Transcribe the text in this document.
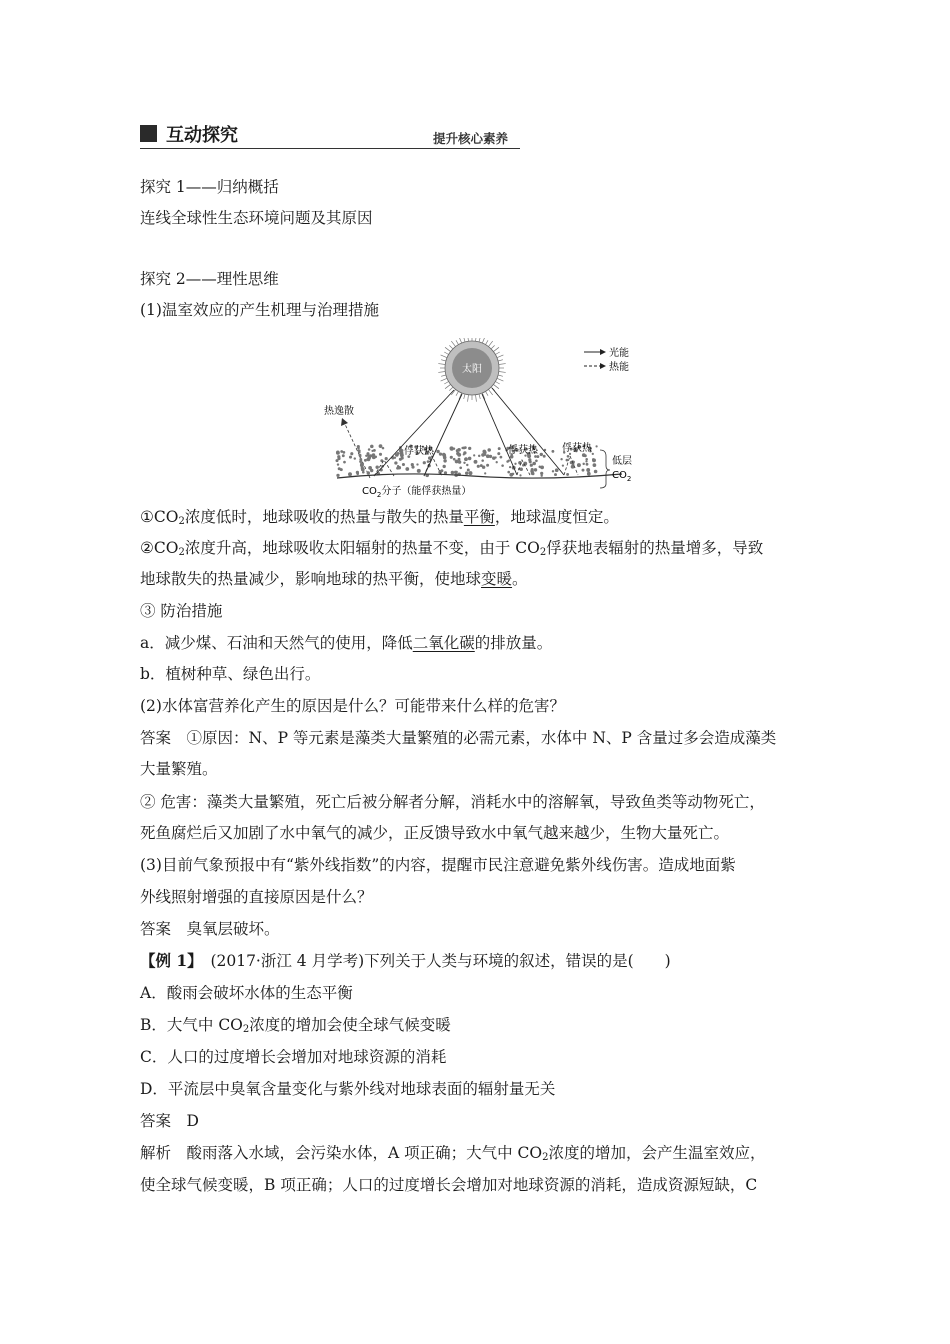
互动探究	提升核心素养
探究 1——归纳概括
连线全球性生态环境问题及其原因
探究 2——理性思维
(1)温室效应的产生机理与治理措施
太阳
光能
热能
热逸散
俘获热	俘获热 俘获热
低层
$CO_2$
$CO_2$分子（能俘获热量）
$①CO_2$浓度低时，地球吸收的热量与散失的热量平衡，地球温度恒定。
$②CO_2$浓度升高，地球吸收太阳辐射的热量不变，由于 $CO_2$俘获地表辐射的热量增多，导致
地球散失的热量减少，影响地球的热平衡，使地球变暖。
③ 防治措施
a．减少煤、石油和天然气的使用，降低二氧化碳的排放量。
b．植树种草、绿色出行。
(2)水体富营养化产生的原因是什么？可能带来什么样的危害？
答案　①原因：N、P 等元素是藻类大量繁殖的必需元素，水体中 N、P 含量过多会造成藻类
大量繁殖。
② 危害：藻类大量繁殖，死亡后被分解者分解，消耗水中的溶解氧，导致鱼类等动物死亡，
死鱼腐烂后又加剧了水中氧气的减少，正反馈导致水中氧气越来越少，生物大量死亡。
(3)目前气象预报中有“紫外线指数”的内容，提醒市民注意避免紫外线伤害。造成地面紫
外线照射增强的直接原因是什么？
答案　臭氧层破坏。
【例 1】　(2017·浙江 4 月学考)下列关于人类与环境的叙述，错误的是(　　)
A．酸雨会破坏水体的生态平衡
B．大气中 $CO_2$浓度的增加会使全球气候变暖
C．人口的过度增长会增加对地球资源的消耗
D．平流层中臭氧含量变化与紫外线对地球表面的辐射量无关
答案　D
解析　酸雨落入水域，会污染水体，A 项正确；大气中 $CO_2$浓度的增加，会产生温室效应，
使全球气候变暖，B 项正确；人口的过度增长会增加对地球资源的消耗，造成资源短缺，C
